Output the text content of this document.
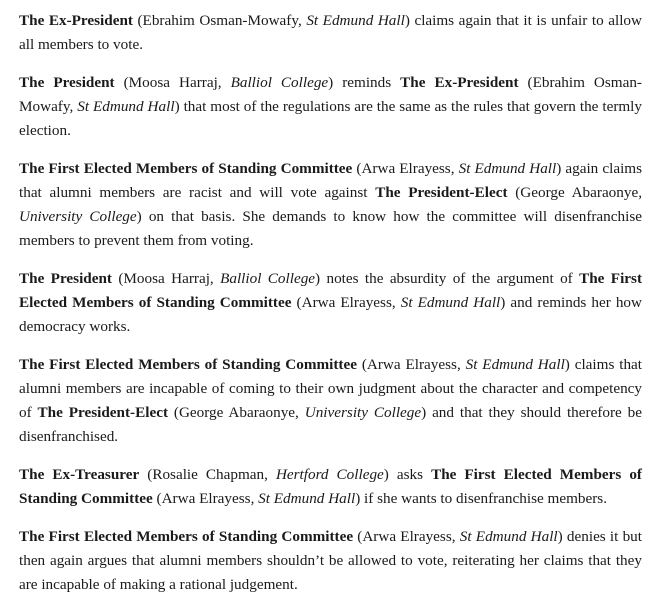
The Ex-President (Ebrahim Osman-Mowafy, St Edmund Hall) claims again that it is unfair to allow all members to vote.

The President (Moosa Harraj, Balliol College) reminds The Ex-President (Ebrahim Osman-Mowafy, St Edmund Hall) that most of the regulations are the same as the rules that govern the termly election.

The First Elected Members of Standing Committee (Arwa Elrayess, St Edmund Hall) again claims that alumni members are racist and will vote against The President-Elect (George Abaraonye, University College) on that basis. She demands to know how the committee will disenfranchise members to prevent them from voting.

The President (Moosa Harraj, Balliol College) notes the absurdity of the argument of The First Elected Members of Standing Committee (Arwa Elrayess, St Edmund Hall) and reminds her how democracy works.

The First Elected Members of Standing Committee (Arwa Elrayess, St Edmund Hall) claims that alumni members are incapable of coming to their own judgment about the character and competency of The President-Elect (George Abaraonye, University College) and that they should therefore be disenfranchised.

The Ex-Treasurer (Rosalie Chapman, Hertford College) asks The First Elected Members of Standing Committee (Arwa Elrayess, St Edmund Hall) if she wants to disenfranchise members.

The First Elected Members of Standing Committee (Arwa Elrayess, St Edmund Hall) denies it but then again argues that alumni members shouldn’t be allowed to vote, reiterating her claims that they are incapable of making a rational judgement.
